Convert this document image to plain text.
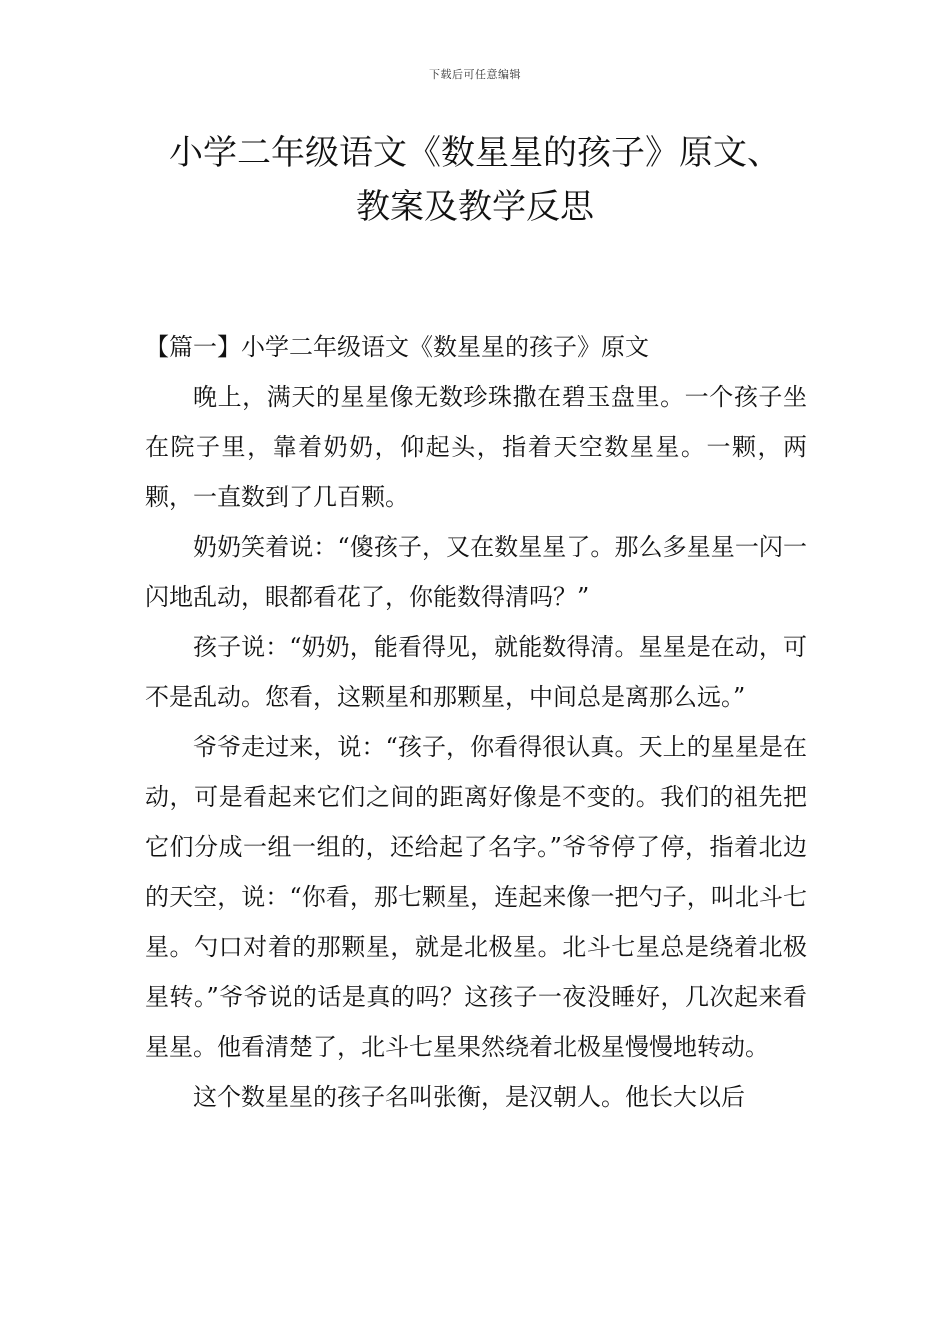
下载后可任意编辑
小学二年级语文《数星星的孩子》原文、
教案及教学反思

【篇一】小学二年级语文《数星星的孩子》原文

晚上，满天的星星像无数珍珠撒在碧玉盘里。一个孩子坐在院子里，靠着奶奶，仰起头，指着天空数星星。一颗，两颗，一直数到了几百颗。

奶奶笑着说：“傻孩子，又在数星星了。那么多星星一闪一闪地乱动，眼都看花了，你能数得清吗？”

孩子说：“奶奶，能看得见，就能数得清。星星是在动，可不是乱动。您看，这颗星和那颗星，中间总是离那么远。”

爷爷走过来，说：“孩子，你看得很认真。天上的星星是在动，可是看起来它们之间的距离好像是不变的。我们的祖先把它们分成一组一组的，还给起了名字。”爷爷停了停，指着北边的天空，说：“你看，那七颗星，连起来像一把勺子，叫北斗七星。勺口对着的那颗星，就是北极星。北斗七星总是绕着北极星转。”爷爷说的话是真的吗？这孩子一夜没睡好，几次起来看星星。他看清楚了，北斗七星果然绕着北极星慢慢地转动。

这个数星星的孩子名叫张衡，是汉朝人。他长大以后
